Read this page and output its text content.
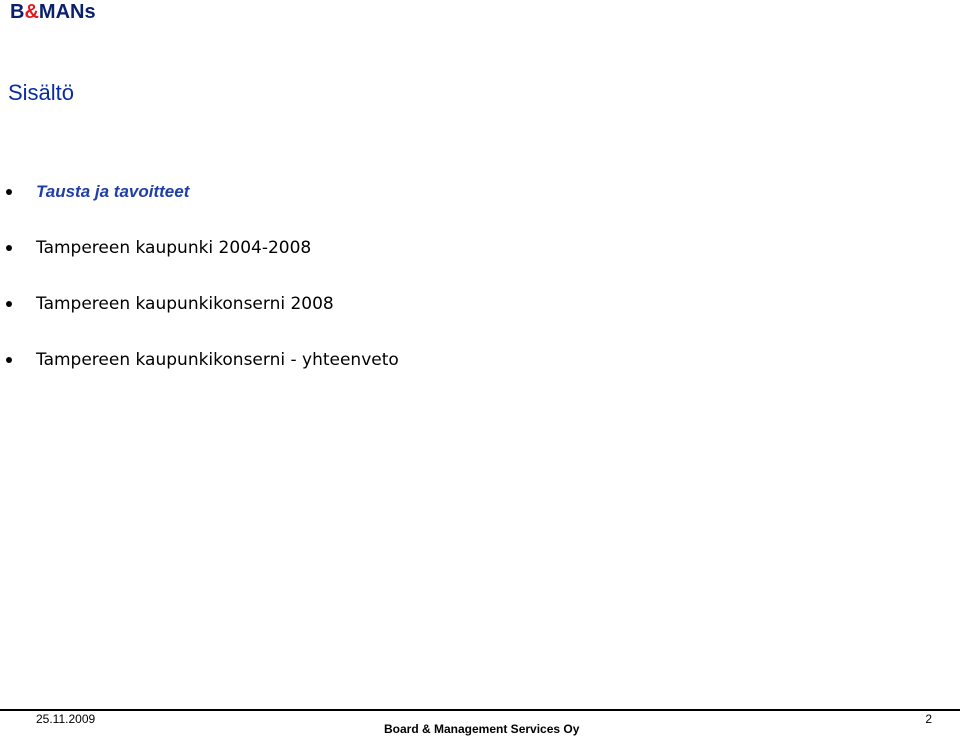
B&MANs
Sisältö
Tausta ja tavoitteet
Tampereen kaupunki 2004-2008
Tampereen kaupunkikonserni 2008
Tampereen kaupunkikonserni - yhteenveto
25.11.2009
Board & Management Services Oy
2
